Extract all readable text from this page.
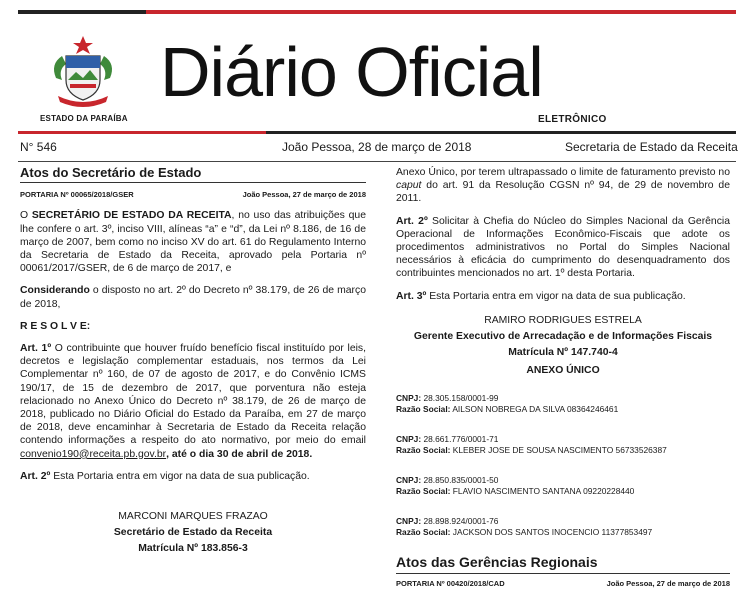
ESTADO DA PARAÍBA
Diário Oficial
ELETRÔNICO
N° 546	João Pessoa, 28 de março de 2018	Secretaria de Estado da Receita
Atos do Secretário de Estado
PORTARIA Nº 00065/2018/GSER	João Pessoa, 27 de março de 2018

O SECRETÁRIO DE ESTADO DA RECEITA, no uso das atribuições que lhe confere o art. 3º, inciso VIII, alíneas “a” e “d”, da Lei nº 8.186, de 16 de março de 2007, bem como no inciso XV do art. 61 do Regulamento Interno da Secretaria de Estado da Receita, aprovado pela Portaria nº 00061/2017/GSER, de 6 de março de 2017, e

Considerando o disposto no art. 2º do Decreto nº 38.179, de 26 de março de 2018,

R E S O L V E:

Art. 1º O contribuinte que houver fruído benefício fiscal instituído por leis, decretos e legislação complementar estaduais, nos termos da Lei Complementar nº 160, de 07 de agosto de 2017, e do Convênio ICMS 190/17, de 15 de dezembro de 2017, que porventura não esteja relacionado no Anexo Único do Decreto nº 38.179, de 26 de março de 2018, publicado no Diário Oficial do Estado da Paraíba, em 27 de março de 2018, deve encaminhar à Secretaria de Estado da Receita relação contendo informações a respeito do ato normativo, por meio do email convenio190@receita.pb.gov.br, até o dia 30 de abril de 2018.

Art. 2º Esta Portaria entra em vigor na data de sua publicação.

MARCONI MARQUES FRAZAO
Secretário de Estado da Receita
Matrícula Nº 183.856-3

Anexo Único, por terem ultrapassado o limite de faturamento previsto no caput do art. 91 da Resolução CGSN nº 94, de 29 de novembro de 2011.

Art. 2º Solicitar à Chefia do Núcleo do Simples Nacional da Gerência Operacional de Informações Econômico-Fiscais que adote os procedimentos administrativos no Portal do Simples Nacional necessários à eficácia do cumprimento do desenquadramento dos contribuintes mencionados no art. 1º desta Portaria.

Art. 3º Esta Portaria entra em vigor na data de sua publicação.

RAMIRO RODRIGUES ESTRELA
Gerente Executivo de Arrecadação e de Informações Fiscais
Matrícula Nº 147.740-4
ANEXO ÚNICO
CNPJ: 28.305.158/0001-99
Razão Social: AILSON NOBREGA DA SILVA 08364246461
CNPJ: 28.661.776/0001-71
Razão Social: KLEBER JOSE DE SOUSA NASCIMENTO 56733526387
CNPJ: 28.850.835/0001-50
Razão Social: FLAVIO NASCIMENTO SANTANA 09220228440
CNPJ: 28.898.924/0001-76
Razão Social: JACKSON DOS SANTOS INOCENCIO 11377853497
Atos das Gerências Regionais
PORTARIA Nº 00420/2018/CAD	João Pessoa, 27 de março de 2018
